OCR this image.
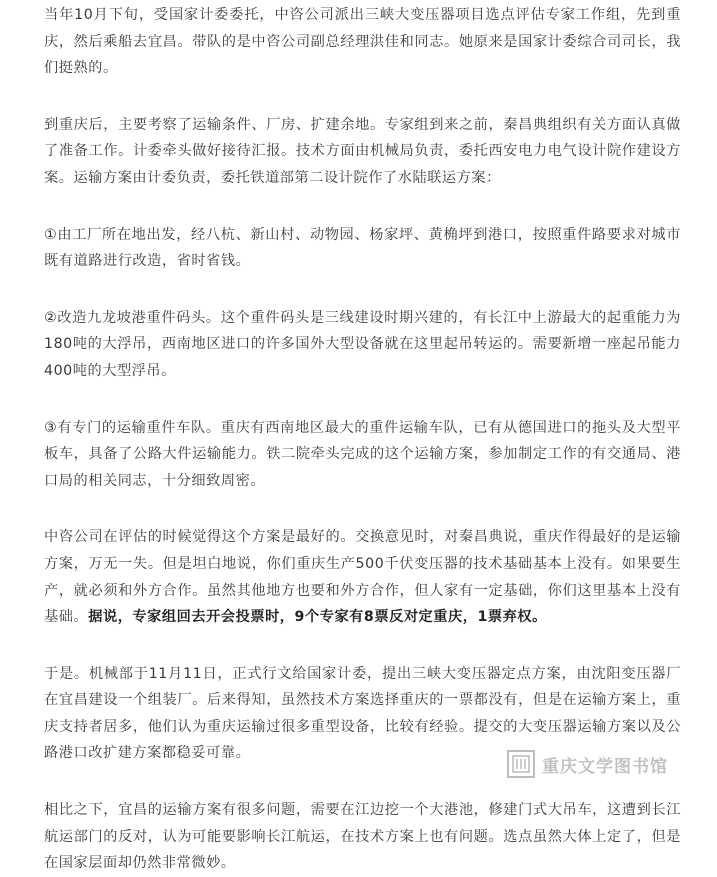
当年10月下旬，受国家计委委托，中咨公司派出三峡大变压器项目选点评估专家工作组，先到重庆，然后乘船去宜昌。带队的是中咨公司副总经理洪佳和同志。她原来是国家计委综合司司长，我们挺熟的。

到重庆后，主要考察了运输条件、厂房、扩建余地。专家组到来之前，秦昌典组织有关方面认真做了准备工作。计委牵头做好接待汇报。技术方面由机械局负责，委托西安电力电气设计院作建设方案。运输方案由计委负责，委托铁道部第二设计院作了水陆联运方案：

①由工厂所在地出发，经八杭、新山村、动物园、杨家坪、黄桷坪到港口，按照重件路要求对城市既有道路进行改造，省时省钱。

②改造九龙坡港重件码头。这个重件码头是三线建设时期兴建的，有长江中上游最大的起重能力为180吨的大浮吊，西南地区进口的许多国外大型设备就在这里起吊转运的。需要新增一座起吊能力400吨的大型浮吊。

③有专门的运输重件车队。重庆有西南地区最大的重件运输车队，已有从德国进口的拖头及大型平板车，具备了公路大件运输能力。铁二院牵头完成的这个运输方案，参加制定工作的有交通局、港口局的相关同志，十分细致周密。

中咨公司在评估的时候觉得这个方案是最好的。交换意见时，对秦昌典说，重庆作得最好的是运输方案，万无一失。但是坦白地说，你们重庆生产500千伏变压器的技术基础基本上没有。如果要生产，就必须和外方合作。虽然其他地方也要和外方合作，但人家有一定基础，你们这里基本上没有基础。据说，专家组回去开会投票时，9个专家有8票反对定重庆，1票弃权。

于是。机械部于11月11日，正式行文给国家计委，提出三峡大变压器定点方案，由沈阳变压器厂在宜昌建设一个组装厂。后来得知，虽然技术方案选择重庆的一票都没有，但是在运输方案上，重庆支持者居多，他们认为重庆运输过很多重型设备，比较有经验。提交的大变压器运输方案以及公路港口改扩建方案都稳妥可靠。

相比之下，宜昌的运输方案有很多问题，需要在江边挖一个大港池，修建门式大吊车，这遭到长江航运部门的反对，认为可能要影响长江航运，在技术方案上也有问题。选点虽然大体上定了，但是在国家层面却仍然非常微妙。

重庆文学图书馆
